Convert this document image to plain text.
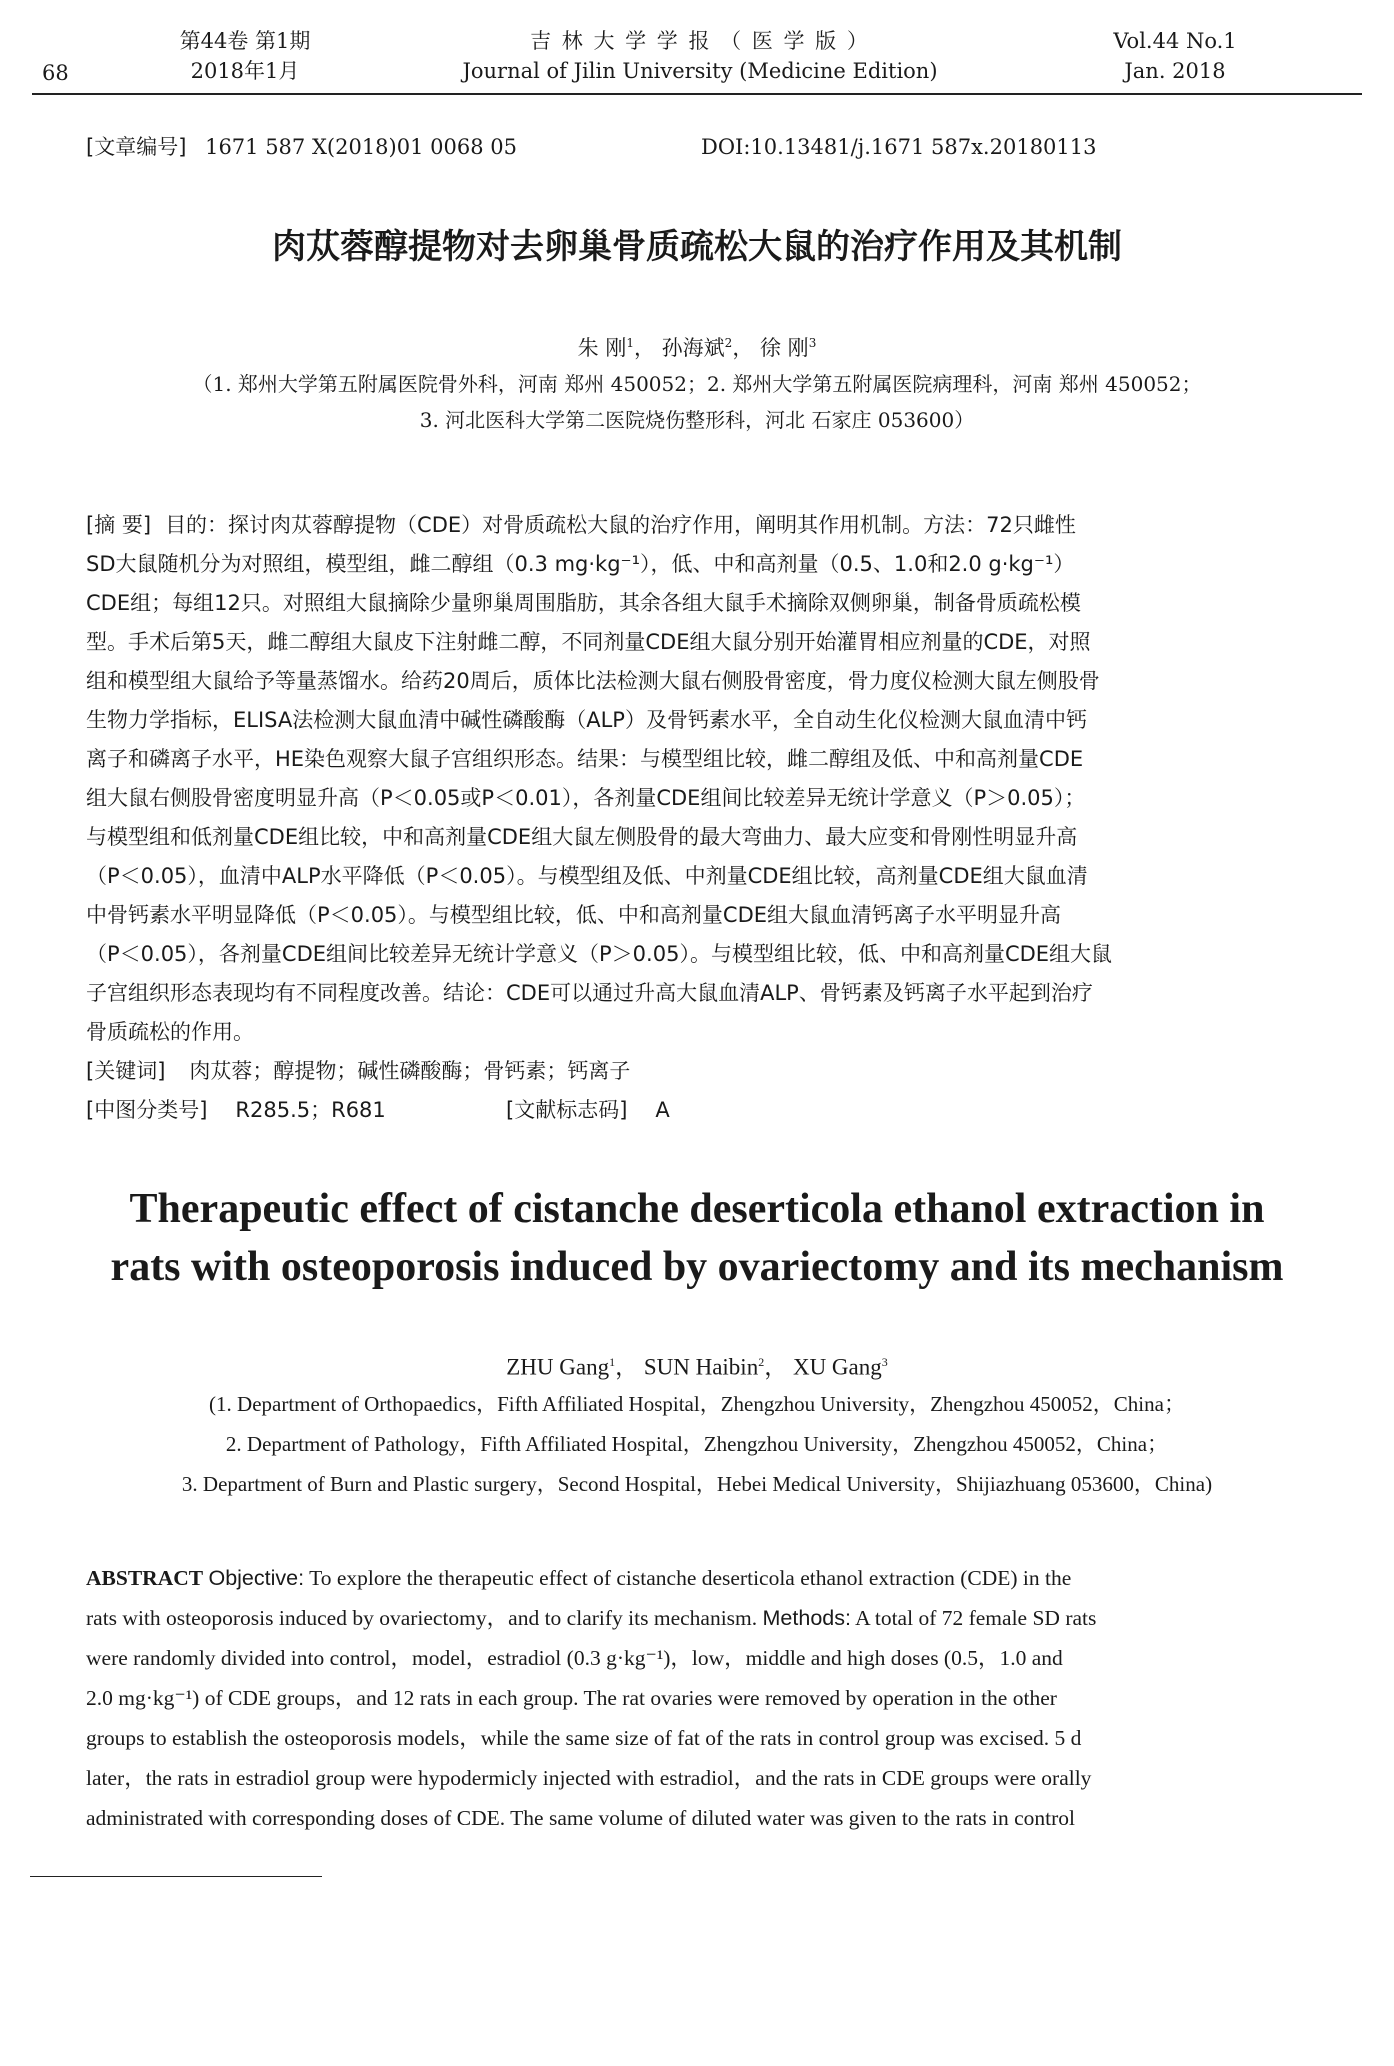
68
第44卷 第1期
2018年1月
吉 林 大 学 学 报 （ 医 学 版 ）
Journal of Jilin University (Medicine Edition)
Vol.44 No.1
Jan. 2018
[文章编号] 1671 587 Ⅹ(2018)01 0068 05	DOI:10.13481/j.1671 587x.20180113
肉苁蓉醇提物对去卵巢骨质疏松大鼠的治疗作用及其机制
朱 刚$^1$， 孙海斌$^2$， 徐 刚$^3$
（1. 郑州大学第五附属医院骨外科，河南 郑州 450052；2. 郑州大学第五附属医院病理科，河南 郑州 450052；
3. 河北医科大学第二医院烧伤整形科，河北 石家庄 053600）
[摘 要] 目的：探讨肉苁蓉醇提物（CDE）对骨质疏松大鼠的治疗作用，阐明其作用机制。方法：72只雌性
SD大鼠随机分为对照组，模型组，雌二醇组（0.3 mg·kg⁻¹），低、中和高剂量（0.5、1.0和2.0 g·kg⁻¹）
CDE组；每组12只。对照组大鼠摘除少量卵巢周围脂肪，其余各组大鼠手术摘除双侧卵巢，制备骨质疏松模
型。手术后第5天，雌二醇组大鼠皮下注射雌二醇，不同剂量CDE组大鼠分别开始灌胃相应剂量的CDE，对照
组和模型组大鼠给予等量蒸馏水。给药20周后，质体比法检测大鼠右侧股骨密度，骨力度仪检测大鼠左侧股骨
生物力学指标，ELISA法检测大鼠血清中碱性磷酸酶（ALP）及骨钙素水平，全自动生化仪检测大鼠血清中钙
离子和磷离子水平，HE染色观察大鼠子宫组织形态。结果：与模型组比较，雌二醇组及低、中和高剂量CDE
组大鼠右侧股骨密度明显升高（P＜0.05或P＜0.01），各剂量CDE组间比较差异无统计学意义（P＞0.05）；
与模型组和低剂量CDE组比较，中和高剂量CDE组大鼠左侧股骨的最大弯曲力、最大应变和骨刚性明显升高
（P＜0.05），血清中ALP水平降低（P＜0.05）。与模型组及低、中剂量CDE组比较，高剂量CDE组大鼠血清
中骨钙素水平明显降低（P＜0.05）。与模型组比较，低、中和高剂量CDE组大鼠血清钙离子水平明显升高
（P＜0.05），各剂量CDE组间比较差异无统计学意义（P＞0.05）。与模型组比较，低、中和高剂量CDE组大鼠
子宫组织形态表现均有不同程度改善。结论：CDE可以通过升高大鼠血清ALP、骨钙素及钙离子水平起到治疗
骨质疏松的作用。
[关键词] 肉苁蓉；醇提物；碱性磷酸酶；骨钙素；钙离子
[中图分类号] R285.5；R681	[文献标志码] A
Therapeutic effect of cistanche deserticola ethanol extraction in
rats with osteoporosis induced by ovariectomy and its mechanism
ZHU Gang$^1$， SUN Haibin$^2$， XU Gang$^3$
(1. Department of Orthopaedics，Fifth Affiliated Hospital，Zhengzhou University，Zhengzhou 450052，China；
2. Department of Pathology，Fifth Affiliated Hospital，Zhengzhou University，Zhengzhou 450052，China；
3. Department of Burn and Plastic surgery，Second Hospital，Hebei Medical University，Shijiazhuang 053600，China)
ABSTRACT Objective: To explore the therapeutic effect of cistanche deserticola ethanol extraction (CDE) in the
rats with osteoporosis induced by ovariectomy，and to clarify its mechanism. Methods: A total of 72 female SD rats
were randomly divided into control，model，estradiol (0.3 g·kg⁻¹)，low，middle and high doses (0.5，1.0 and
2.0 mg·kg⁻¹) of CDE groups，and 12 rats in each group. The rat ovaries were removed by operation in the other
groups to establish the osteoporosis models，while the same size of fat of the rats in control group was excised. 5 d
later，the rats in estradiol group were hypodermicly injected with estradiol，and the rats in CDE groups were orally
administrated with corresponding doses of CDE. The same volume of diluted water was given to the rats in control
